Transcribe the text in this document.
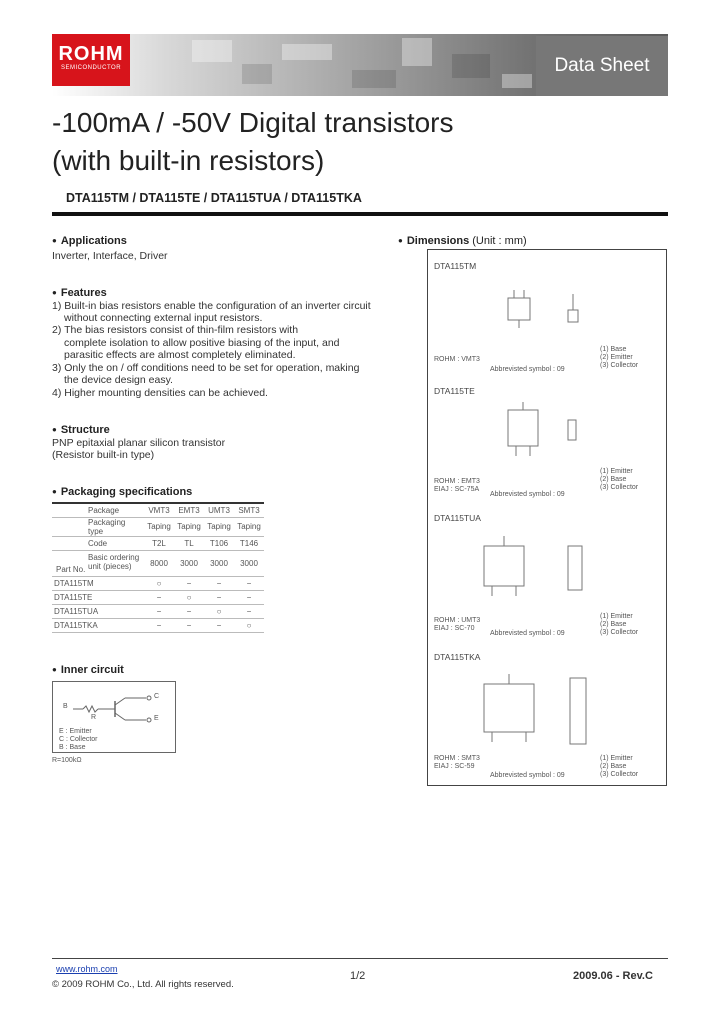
ROHM
SEMICONDUCTOR	Data Sheet
-100mA / -50V Digital transistors
(with built-in resistors)
DTA115TM / DTA115TE / DTA115TUA / DTA115TKA
● Applications
Inverter, Interface, Driver
● Features
1) Built-in bias resistors enable the configuration of an inverter circuit
without connecting external input resistors.
2) The bias resistors consist of thin-film resistors with
complete isolation to allow positive biasing of the input, and
parasitic effects are almost completely eliminated.
3) Only the on / off conditions need to be set for operation, making
the device design easy.
4) Higher mounting densities can be achieved.
● Structure
PNP epitaxial planar silicon transistor
(Resistor built-in type)
● Packaging specifications
Package	VMT3	EMT3	UMT3	SMT3
Packaging type	Taping	Taping	Taping	Taping
Code	T2L	TL	T106	T146

Part No.
Basic ordering unit (pieces)	8000	3000	3000	3000
DTA115TM	○	−	−	−
DTA115TE	−	○	−	−
DTA115TUA	−	−	○	−
DTA115TKA	−	−	−	○
● Inner circuit
B
R
C
E
E : Emitter
C : Collector
B : Base
R=100kΩ
● Dimensions (Unit : mm)
DTA115TM
ROHM : VMT3
Abbrevisted symbol : 09
(1) Base
(2) Emitter
(3) Collector
DTA115TE
ROHM : EMT3
EIAJ : SC-75A
Abbrevisted symbol : 09
(1) Emitter
(2) Base
(3) Collector
DTA115TUA
ROHM : UMT3
EIAJ : SC-70
Abbrevisted symbol : 09
(1) Emitter
(2) Base
(3) Collector
DTA115TKA
ROHM : SMT3
EIAJ : SC-59
Abbrevisted symbol : 09
(1) Emitter
(2) Base
(3) Collector
www.rohm.com
© 2009 ROHM Co., Ltd. All rights reserved.
1/2	2009.06 - Rev.C
